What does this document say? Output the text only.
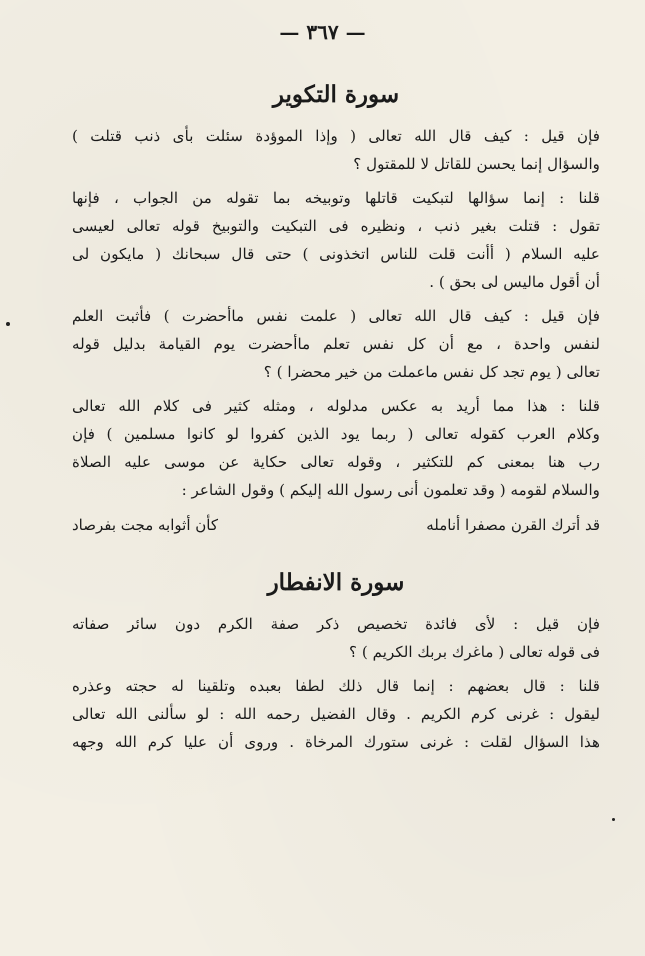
— ٣٦٧ —
سورة التكوير
فإن قيل : كيف قال الله تعالى ( وإذا الموؤدة سئلت بأى ذنب قتلت )
والسؤال إنما يحسن للقاتل لا للمقتول ؟
قلنا : إنما سؤالها لتبكيت قاتلها وتوبيخه بما تقوله من الجواب ، فإنها
تقول : قتلت بغير ذنب ، ونظيره فى التبكيت والتوبيخ قوله تعالى لعيسى
عليه السلام ( أأنت قلت للناس اتخذونى ) حتى قال سبحانك ( مايكون لى
أن أقول ماليس لى بحق ) .
فإن قيل : كيف قال الله تعالى ( علمت نفس ماأحضرت ) فأثبت العلم
لنفس واحدة ، مع أن كل نفس تعلم ماأحضرت يوم القيامة بدليل قوله
تعالى ( يوم تجد كل نفس ماعملت من خير محضرا ) ؟
قلنا : هذا مما أريد به عكس مدلوله ، ومثله كثير فى كلام الله تعالى
وكلام العرب كقوله تعالى ( ربما يود الذين كفروا لو كانوا مسلمين ) فإن
رب هنا بمعنى كم للتكثير ، وقوله تعالى حكاية عن موسى عليه الصلاة
والسلام لقومه ( وقد تعلمون أنى رسول الله إليكم ) وقول الشاعر :
قد أترك القرن مصفرا أنامله
كأن أثوابه مجت بفرصاد
سورة الانفطار
فإن قيل : لأى فائدة تخصيص ذكر صفة الكرم دون سائر صفاته
فى قوله تعالى ( ماغرك بربك الكريم ) ؟
قلنا : قال بعضهم : إنما قال ذلك لطفا بعبده وتلقينا له حجته وعذره
ليقول : غرنى كرم الكريم . وقال الفضيل رحمه الله : لو سألنى الله تعالى
هذا السؤال لقلت : غرنى ستورك المرخاة . وروى أن عليا كرم الله وجهه
